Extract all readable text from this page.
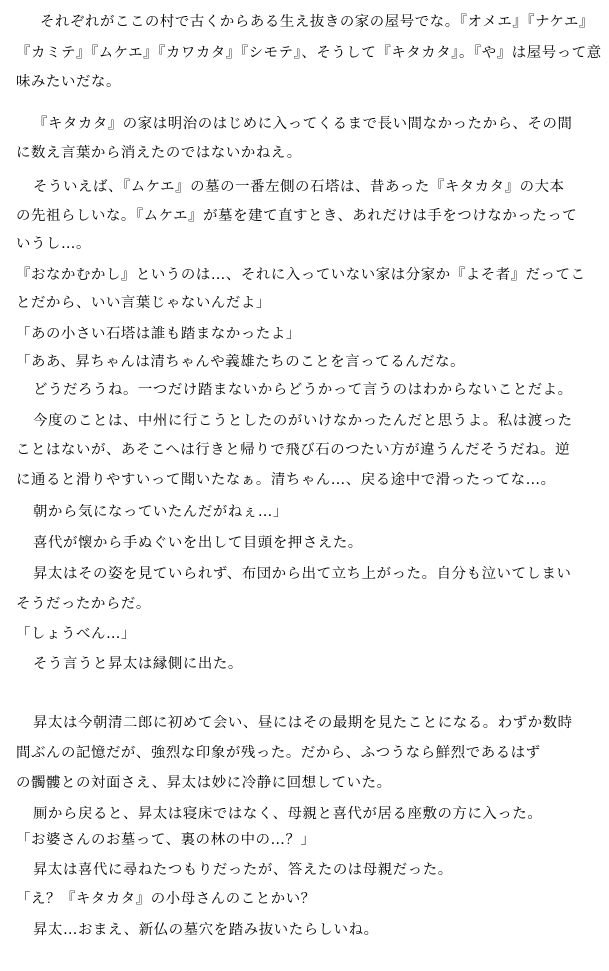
それぞれがここの村で古くからある生え抜きの家の屋号でな。『オメエ』『ナケエ』
『カミテ』『ムケエ』『カワカタ』『シモテ』、そうして『キタカタ』。『や』は屋号って意
味みたいだな。
『キタカタ』の家は明治のはじめに入ってくるまで長い間なかったから、その間
に数え言葉から消えたのではないかねえ。
そういえば、『ムケエ』の墓の一番左側の石塔は、昔あった『キタカタ』の大本
の先祖らしいな。『ムケエ』が墓を建て直すとき、あれだけは手をつけなかったって
いうし…。
『おなかむかし』というのは…、それに入っていない家は分家か『よそ者』だってこ
とだから、いい言葉じゃないんだよ」
「あの小さい石塔は誰も踏まなかったよ」
「ああ、昇ちゃんは清ちゃんや義雄たちのことを言ってるんだな。
どうだろうね。一つだけ踏まないからどうかって言うのはわからないことだよ。
今度のことは、中州に行こうとしたのがいけなかったんだと思うよ。私は渡った
ことはないが、あそこへは行きと帰りで飛び石のつたい方が違うんだそうだね。逆
に通ると滑りやすいって聞いたなぁ。清ちゃん…、戻る途中で滑ったってな…。
朝から気になっていたんだがねぇ…」
喜代が懐から手ぬぐいを出して目頭を押さえた。
昇太はその姿を見ていられず、布団から出て立ち上がった。自分も泣いてしまい
そうだったからだ。
「しょうべん…」
そう言うと昇太は縁側に出た。
昇太は今朝清二郎に初めて会い、昼にはその最期を見たことになる。わずか数時
間ぶんの記憶だが、強烈な印象が残った。だから、ふつうなら鮮烈であるはず
の髑髏との対面さえ、昇太は妙に冷静に回想していた。
厠から戻ると、昇太は寝床ではなく、母親と喜代が居る座敷の方に入った。
「お婆さんのお墓って、裏の林の中の…？」
昇太は喜代に尋ねたつもりだったが、答えたのは母親だった。
「え？『キタカタ』の小母さんのことかい？
昇太…おまえ、新仏の墓穴を踏み抜いたらしいね。
